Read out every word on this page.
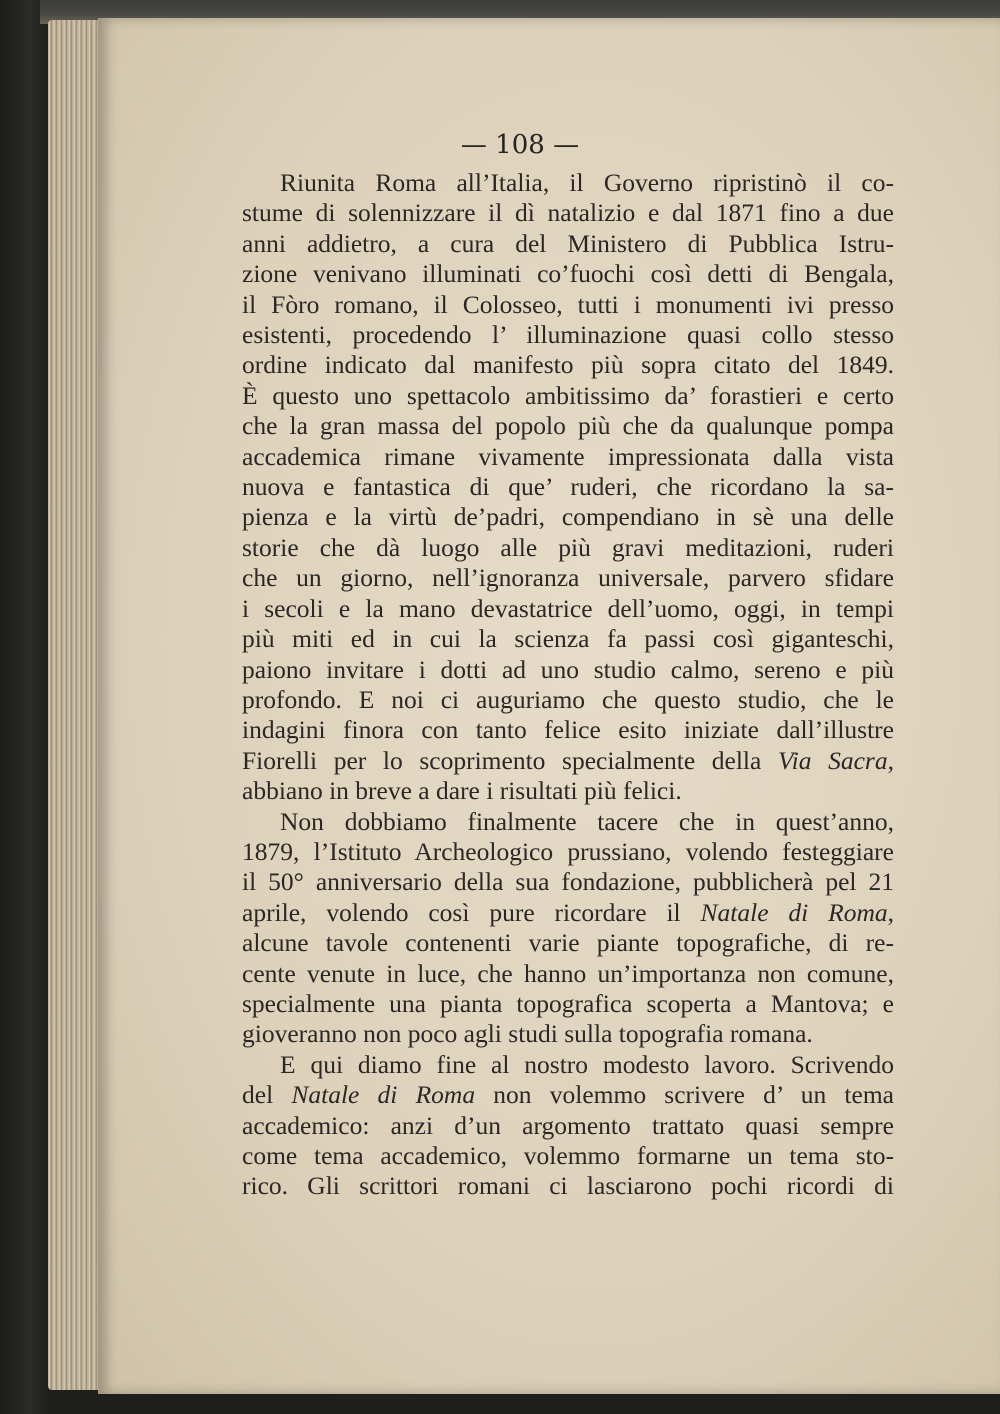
— 108 —
Riunita Roma all’Italia, il Governo ripristinò il co-
stume di solennizzare il dì natalizio e dal 1871 fino a due
anni addietro, a cura del Ministero di Pubblica Istru-
zione venivano illuminati co’fuochi così detti di Bengala,
il Fòro romano, il Colosseo, tutti i monumenti ivi presso
esistenti, procedendo l’ illuminazione quasi collo stesso
ordine indicato dal manifesto più sopra citato del 1849.
È questo uno spettacolo ambitissimo da’ forastieri e certo
che la gran massa del popolo più che da qualunque pompa
accademica rimane vivamente impressionata dalla vista
nuova e fantastica di que’ ruderi, che ricordano la sa-
pienza e la virtù de’padri, compendiano in sè una delle
storie che dà luogo alle più gravi meditazioni, ruderi
che un giorno, nell’ignoranza universale, parvero sfidare
i secoli e la mano devastatrice dell’uomo, oggi, in tempi
più miti ed in cui la scienza fa passi così giganteschi,
paiono invitare i dotti ad uno studio calmo, sereno e più
profondo. E noi ci auguriamo che questo studio, che le
indagini finora con tanto felice esito iniziate dall’illustre
Fiorelli per lo scoprimento specialmente della Via Sacra,
abbiano in breve a dare i risultati più felici.
Non dobbiamo finalmente tacere che in quest’anno,
1879, l’Istituto Archeologico prussiano, volendo festeggiare
il 50° anniversario della sua fondazione, pubblicherà pel 21
aprile, volendo così pure ricordare il Natale di Roma,
alcune tavole contenenti varie piante topografiche, di re-
cente venute in luce, che hanno un’importanza non comune,
specialmente una pianta topografica scoperta a Mantova; e
gioveranno non poco agli studi sulla topografia romana.
E qui diamo fine al nostro modesto lavoro. Scrivendo
del Natale di Roma non volemmo scrivere d’ un tema
accademico: anzi d’un argomento trattato quasi sempre
come tema accademico, volemmo formarne un tema sto-
rico. Gli scrittori romani ci lasciarono pochi ricordi di
